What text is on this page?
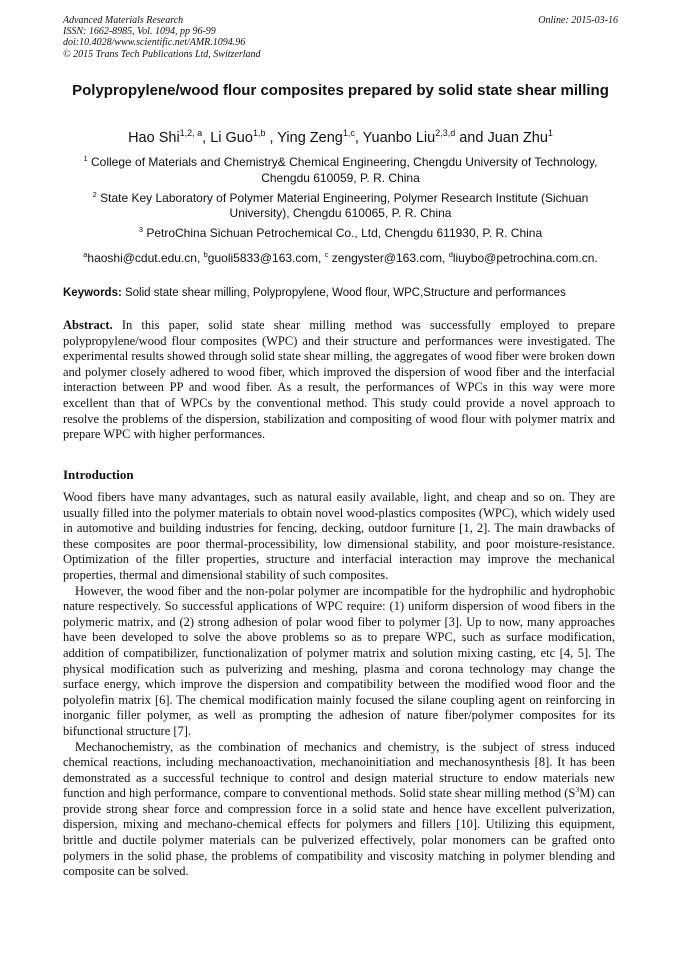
Advanced Materials Research
ISSN: 1662-8985, Vol. 1094, pp 96-99
doi:10.4028/www.scientific.net/AMR.1094.96
© 2015 Trans Tech Publications Ltd, Switzerland
Online: 2015-03-16
Polypropylene/wood flour composites prepared by solid state shear milling
Hao Shi$^{1,2, a}$, Li Guo$^{1,b}$ , Ying Zeng$^{1,c}$, Yuanbo Liu$^{2,3,d}$ and Juan Zhu$^1$
$^1$ College of Materials and Chemistry& Chemical Engineering, Chengdu University of Technology, Chengdu 610059, P. R. China
$^2$ State Key Laboratory of Polymer Material Engineering, Polymer Research Institute (Sichuan University), Chengdu 610065, P. R. China
$^3$ PetroChina Sichuan Petrochemical Co., Ltd, Chengdu 611930, P. R. China
$^a$haoshi@cdut.edu.cn, $^b$guoli5833@163.com, $^c$ zengyster@163.com, $^d$liuybo@petrochina.com.cn.
Keywords: Solid state shear milling, Polypropylene, Wood flour, WPC,Structure and performances
Abstract. In this paper, solid state shear milling method was successfully employed to prepare polypropylene/wood flour composites (WPC) and their structure and performances were investigated. The experimental results showed through solid state shear milling, the aggregates of wood fiber were broken down and polymer closely adhered to wood fiber, which improved the dispersion of wood fiber and the interfacial interaction between PP and wood fiber. As a result, the performances of WPCs in this way were more excellent than that of WPCs by the conventional method. This study could provide a novel approach to resolve the problems of the dispersion, stabilization and compositing of wood flour with polymer matrix and prepare WPC with higher performances.
Introduction

Wood fibers have many advantages, such as natural easily available, light, and cheap and so on. They are usually filled into the polymer materials to obtain novel wood-plastics composites (WPC), which widely used in automotive and building industries for fencing, decking, outdoor furniture [1, 2]. The main drawbacks of these composites are poor thermal-processibility, low dimensional stability, and poor moisture-resistance. Optimization of the filler properties, structure and interfacial interaction may improve the mechanical properties, thermal and dimensional stability of such composites.

However, the wood fiber and the non-polar polymer are incompatible for the hydrophilic and hydrophobic nature respectively. So successful applications of WPC require: (1) uniform dispersion of wood fibers in the polymeric matrix, and (2) strong adhesion of polar wood fiber to polymer [3]. Up to now, many approaches have been developed to solve the above problems so as to prepare WPC, such as surface modification, addition of compatibilizer, functionalization of polymer matrix and solution mixing casting, etc [4, 5]. The physical modification such as pulverizing and meshing, plasma and corona technology may change the surface energy, which improve the dispersion and compatibility between the modified wood floor and the polyolefin matrix [6]. The chemical modification mainly focused the silane coupling agent on reinforcing in inorganic filler polymer, as well as prompting the adhesion of nature fiber/polymer composites for its bifunctional structure [7].

Mechanochemistry, as the combination of mechanics and chemistry, is the subject of stress induced chemical reactions, including mechanoactivation, mechanoinitiation and mechanosynthesis [8]. It has been demonstrated as a successful technique to control and design material structure to endow materials new function and high performance, compare to conventional methods. Solid state shear milling method $(S^3M)$ can provide strong shear force and compression force in a solid state and hence have excellent pulverization, dispersion, mixing and mechano-chemical effects for polymers and fillers [10]. Utilizing this equipment, brittle and ductile polymer materials can be pulverized effectively, polar monomers can be grafted onto polymers in the solid phase, the problems of compatibility and viscosity matching in polymer blending and composite can be solved.
